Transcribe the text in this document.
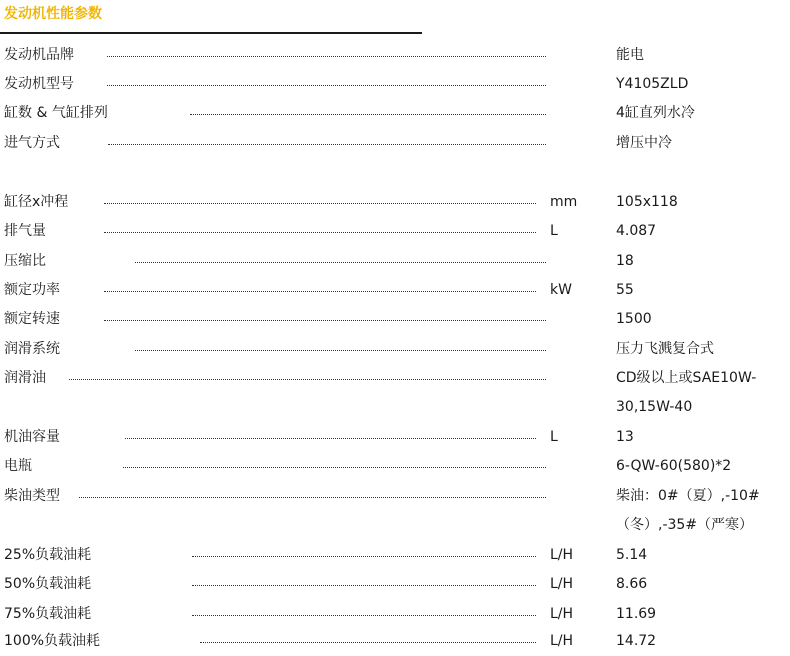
发动机性能参数
发动机品牌	能电
发动机型号	Y4105ZLD
缸数 & 气缸排列	4缸直列水冷
进气方式	增压中冷
缸径x冲程	mm	105x118
排气量	L	4.087
压缩比	18
额定功率	kW	55
额定转速	1500
润滑系统	压力飞溅复合式
润滑油	CD级以上或SAE10W-30,15W-40
机油容量	L	13
电瓶	6-QW-60(580)*2
柴油类型	柴油：0#（夏）,-10#（冬）,-35#（严寒）
25%负载油耗	L/H	5.14
50%负载油耗	L/H	8.66
75%负载油耗	L/H	11.69
100%负载油耗	L/H	14.72
